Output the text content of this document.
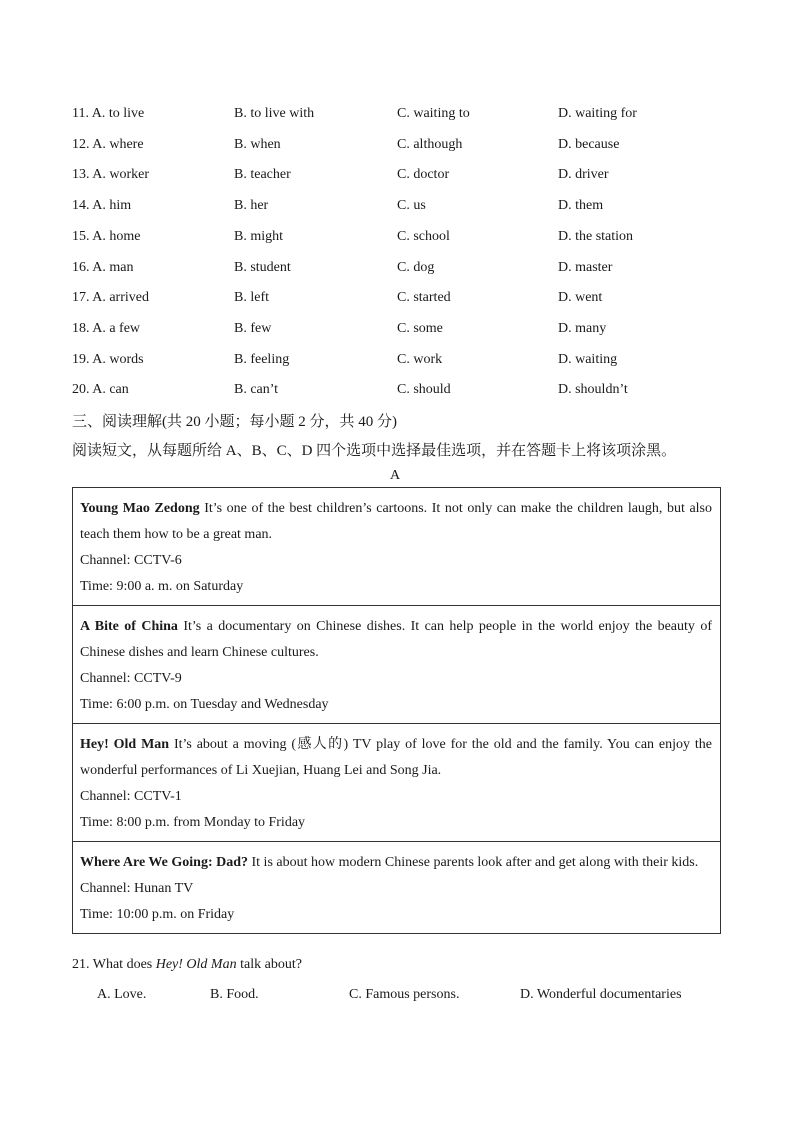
11. A. to live	B. to live with	C. waiting to	D. waiting for
12. A. where	B. when	C. although	D. because
13. A. worker	B. teacher	C. doctor	D. driver
14. A. him	B. her	C. us	D. them
15. A. home	B. might	C. school	D. the station
16. A. man	B. student	C. dog	D. master
17. A. arrived	B. left	C. started	D. went
18. A. a few	B. few	C. some	D. many
19. A. words	B. feeling	C. work	D. waiting
20. A. can	B. can’t	C. should	D. shouldn’t
三、阅读理解(共 20 小题；每小题 2 分，共 40 分)
阅读短文，从每题所给 A、B、C、D 四个选项中选择最佳选项，并在答题卡上将该项涂黑。
A
Young Mao Zedong It’s one of the best children’s cartoons. It not only can make the children laugh, but also teach them how to be a great man.
Channel: CCTV-6
Time: 9:00 a. m. on Saturday
A Bite of China It’s a documentary on Chinese dishes. It can help people in the world enjoy the beauty of Chinese dishes and learn Chinese cultures.
Channel: CCTV-9
Time: 6:00 p.m. on Tuesday and Wednesday
Hey! Old Man It’s about a moving (感人的) TV play of love for the old and the family. You can enjoy the wonderful performances of Li Xuejian, Huang Lei and Song Jia.
Channel: CCTV-1
Time: 8:00 p.m. from Monday to Friday
Where Are We Going: Dad? It is about how modern Chinese parents look after and get along with their kids.
Channel: Hunan TV
Time: 10:00 p.m. on Friday
21. What does Hey! Old Man talk about?
A. Love.	B. Food.	C. Famous persons.	D. Wonderful documentaries
